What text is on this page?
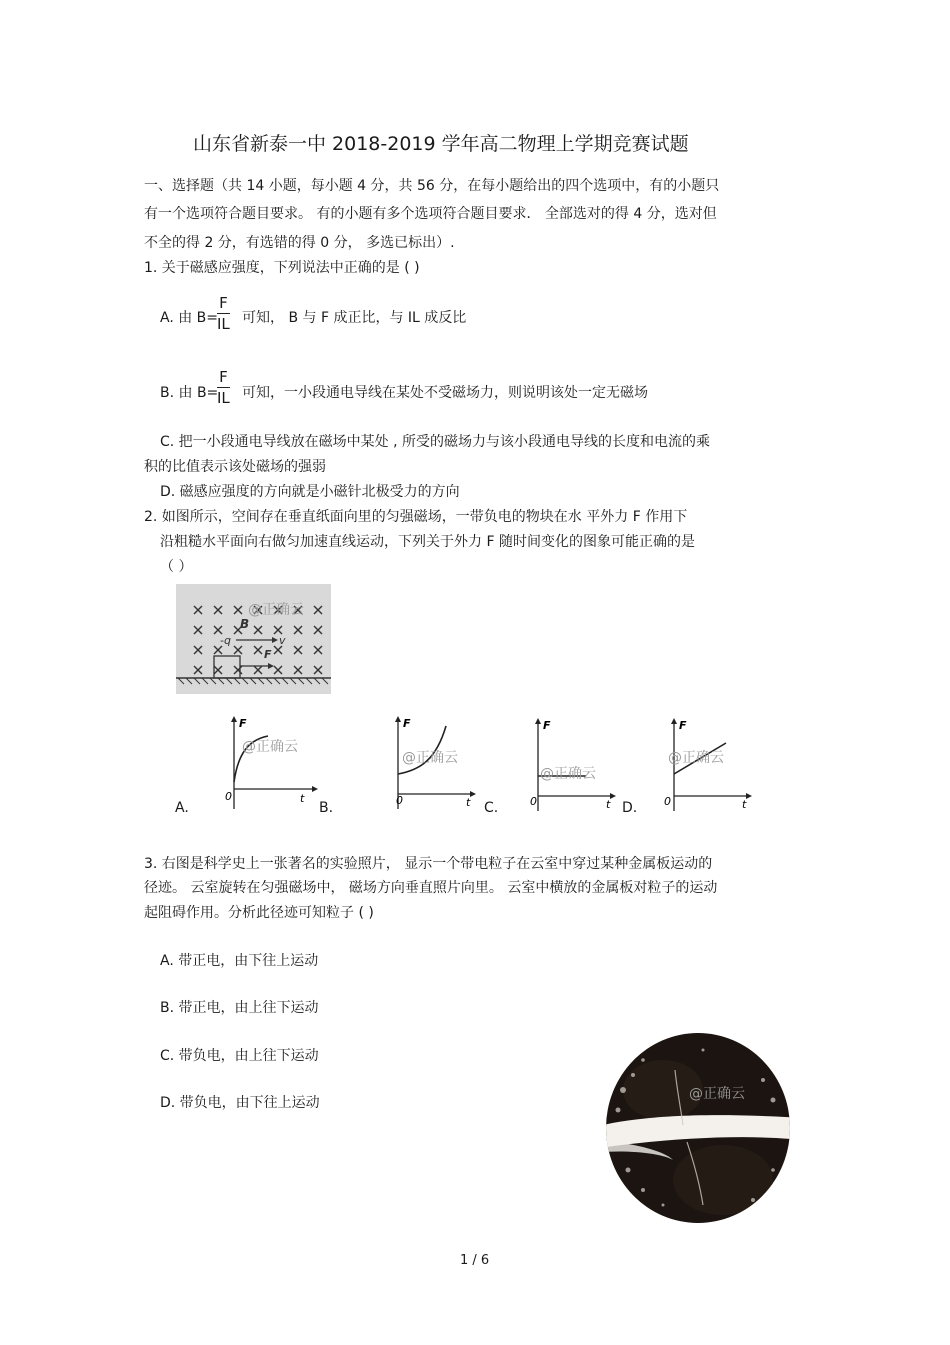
山东省新泰一中 2018-2019 学年高二物理上学期竞赛试题
一、选择题（共 14 小题，每小题 4 分，共 56 分，在每小题给出的四个选项中，有的小题只
有一个选项符合题目要求。 有的小题有多个选项符合题目要求． 全部选对的得 4 分，选对但
不全的得 2 分，有选错的得 0 分， 多选已标出）.
1. 关于磁感应强度，下列说法中正确的是 ( )
A. 由 B=
$\frac{F}{IL}$ 可知， B 与 F 成正比，与 IL 成反比
B. 由 B=
$\frac{F}{IL}$ 可知，一小段通电导线在某处不受磁场力，则说明该处一定无磁场
C. 把一小段通电导线放在磁场中某处 , 所受的磁场力与该小段通电导线的长度和电流的乘
积的比值表示该处磁场的强弱
D. 磁感应强度的方向就是小磁针北极受力的方向
2. 如图所示，空间存在垂直纸面向里的匀强磁场，一带负电的物块在水 平外力 F 作用下
沿粗糙水平面向右做匀加速直线运动，下列关于外力 F 随时间变化的图象可能正确的是
（ ）
B
-q	v
F
@正确云
A.
F
t
0
@正确云
B.
F
t
0
@正确云
C.
F
t
0
@正确云
D.
F
t
0
@正确云
3. 右图是科学史上一张著名的实验照片， 显示一个带电粒子在云室中穿过某种金属板运动的
径迹。 云室旋转在匀强磁场中， 磁场方向垂直照片向里。 云室中横放的金属板对粒子的运动
起阻碍作用。分析此径迹可知粒子 ( )
A. 带正电，由下往上运动
B. 带正电，由上往下运动
C. 带负电，由上往下运动
D. 带负电，由下往上运动
@正确云
1 / 6
